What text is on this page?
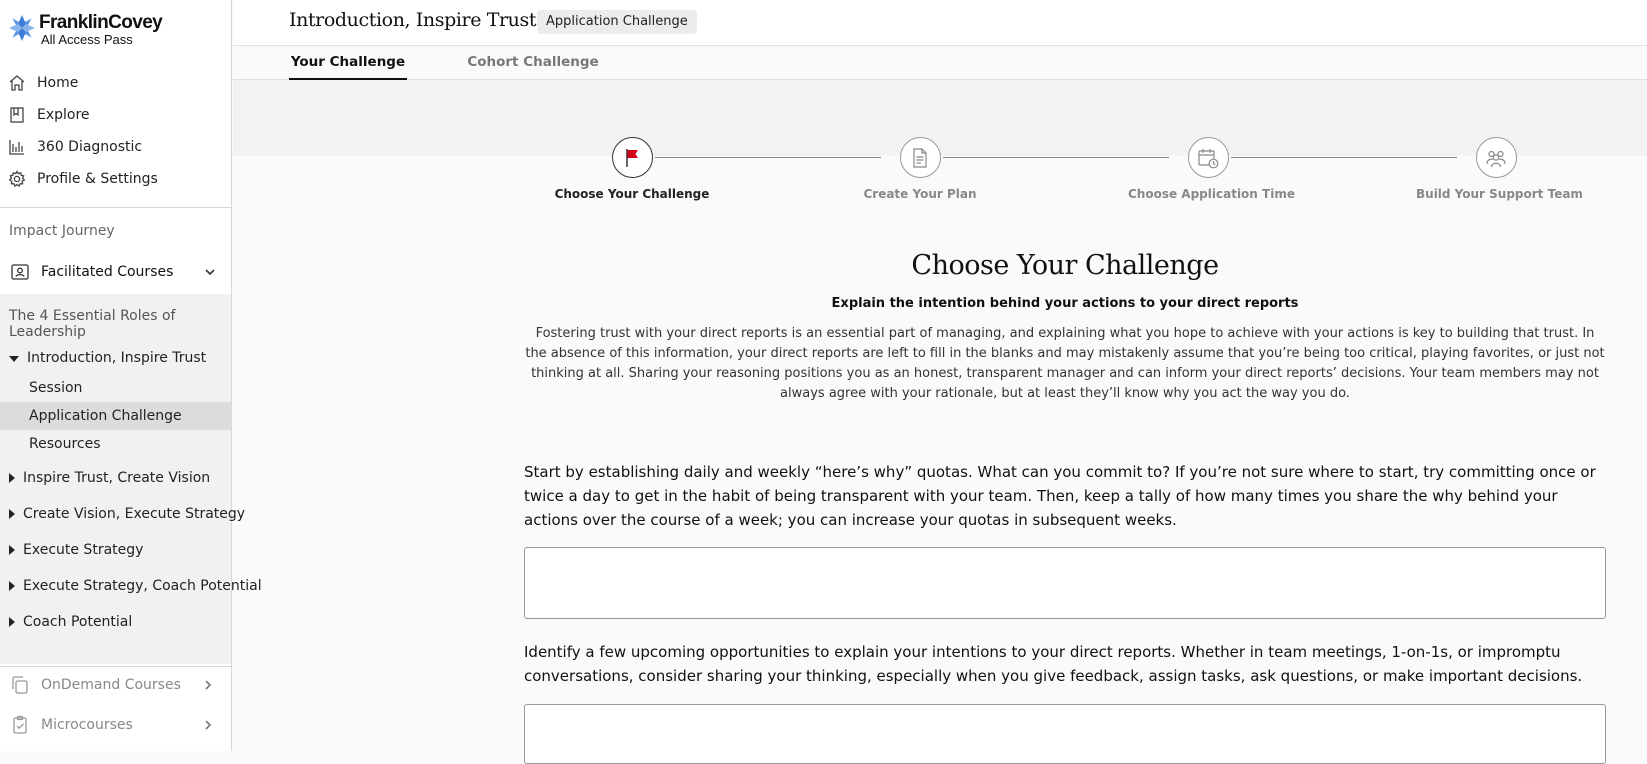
FranklinCovey
All Access Pass
Home
Explore
360 Diagnostic
Profile & Settings
Impact Journey
Facilitated Courses
The 4 Essential Roles of Leadership
Introduction, Inspire Trust
Session
Application Challenge
Resources
Inspire Trust, Create Vision
Create Vision, Execute Strategy
Execute Strategy
Execute Strategy, Coach Potential
Coach Potential
OnDemand Courses
Microcourses
Introduction, Inspire Trust Application Challenge
Your Challenge	Cohort Challenge
Choose Your Challenge	Create Your Plan	Choose Application Time	Build Your Support Team
Choose Your Challenge
Explain the intention behind your actions to your direct reports
Fostering trust with your direct reports is an essential part of managing, and explaining what you hope to achieve with your actions is key to building that trust. In the absence of this information, your direct reports are left to fill in the blanks and may mistakenly assume that you’re being too critical, playing favorites, or just not thinking at all. Sharing your reasoning positions you as an honest, transparent manager and can inform your direct reports’ decisions. Your team members may not always agree with your rationale, but at least they’ll know why you act the way you do.
Start by establishing daily and weekly “here’s why” quotas. What can you commit to? If you’re not sure where to start, try committing once or twice a day to get in the habit of being transparent with your team. Then, keep a tally of how many times you share the why behind your actions over the course of a week; you can increase your quotas in subsequent weeks.
Identify a few upcoming opportunities to explain your intentions to your direct reports. Whether in team meetings, 1-on-1s, or impromptu conversations, consider sharing your thinking, especially when you give feedback, assign tasks, ask questions, or make important decisions.
